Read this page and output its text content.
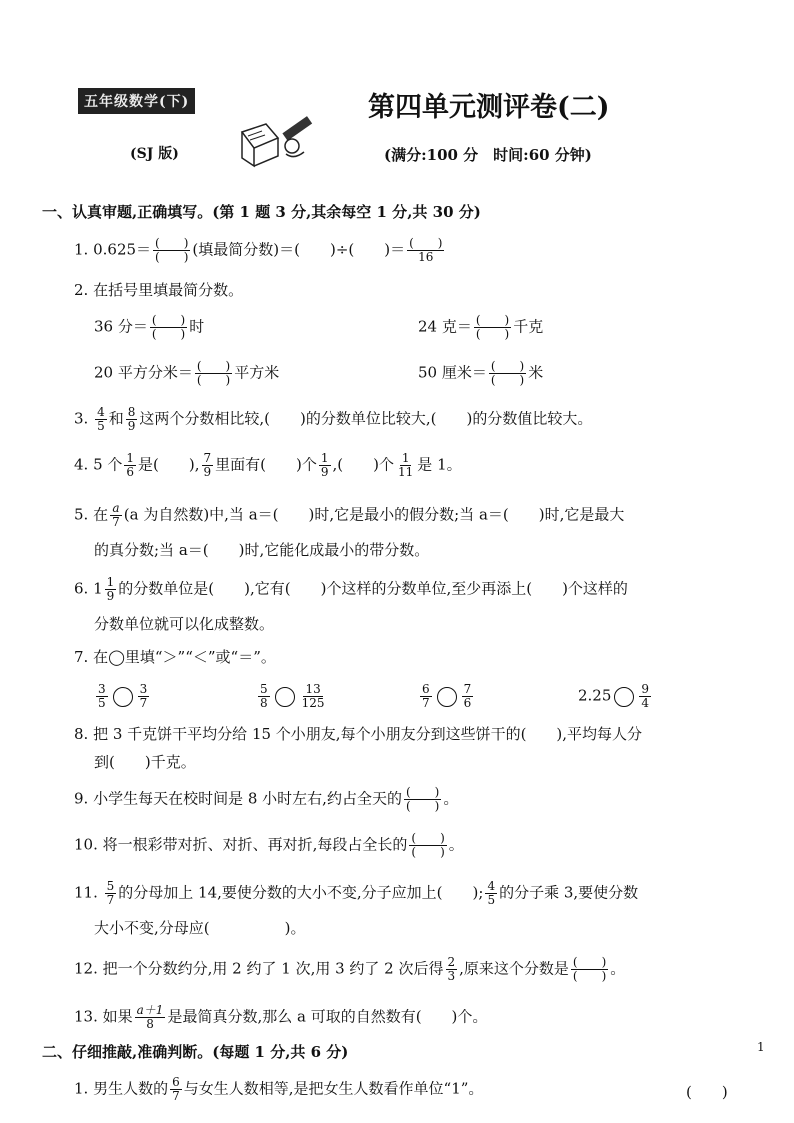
五年级数学(下)
(SJ 版)
第四单元测评卷(二)
(满分:100 分　时间:60 分钟)
一、认真审题,正确填写。(第 1 题 3 分,其余每空 1 分,共 30 分)
1. $0.625= \frac{( )}{( )}$ (填最简分数)＝(　　)÷(　　)＝ $\frac{( )}{16}$
2. 在括号里填最简分数。
36 分＝ $\frac{( )}{( )}$ 时	24 克＝ $\frac{( )}{( )}$ 千克
20 平方分米＝ $\frac{( )}{( )}$ 平方米	50 厘米＝ $\frac{( )}{( )}$ 米
3. $\frac{4}{5}$ 和 $\frac{8}{9}$ 这两个分数相比较,(　　)的分数单位比较大,(　　)的分数值比较大。
4. 5 个 $\frac{1}{6}$ 是(　　), $\frac{7}{9}$ 里面有(　　)个 $\frac{1}{9}$ ,(　　)个 $\frac{1}{11}$ 是 1。
5. 在 $\frac{a}{7} (a$ 为自然数)中,当 a＝(　　)时,它是最小的假分数;当 a＝(　　)时,它是最大
的真分数;当 a＝(　　)时,它能化成最小的带分数。
6. $1 \frac{1}{9}$ 的分数单位是(　　),它有(　　)个这样的分数单位,至少再添上(　　)个这样的
分数单位就可以化成整数。
7. 在◯里填“＞”“＜”或“＝”。
$\frac{3}{5}$	$\frac{3}{7}$	$\frac{5}{8}$	$\frac{13}{125}$	$\frac{6}{7}$	$\frac{7}{6}$	$2.25 \frac{9}{4}$
8. 把 3 千克饼干平均分给 15 个小朋友,每个小朋友分到这些饼干的(　　),平均每人分
到(　　)千克。
9. 小学生每天在校时间是 8 小时左右,约占全天的 $\frac{( )}{( )}$ 。
10. 将一根彩带对折、对折、再对折,每段占全长的 $\frac{( )}{( )}$ 。
11. $\frac{5}{7}$ 的分母加上 14,要使分数的大小不变,分子应加上(　　); $\frac{4}{5}$ 的分子乘 3,要使分数
大小不变,分母应(　　　　　)。
12. 把一个分数约分,用 2 约了 1 次,用 3 约了 2 次后得 $\frac{2}{3}$ ,原来这个分数是 $\frac{( )}{( )}$ 。
13. 如果 $\frac{a+1}{8}$ 是最简真分数,那么 a 可取的自然数有(　　)个。
二、仔细推敲,准确判断。(每题 1 分,共 6 分)	1
1. 男生人数的 $\frac{6}{7}$ 与女生人数相等,是把女生人数看作单位“1”。	(　　)
